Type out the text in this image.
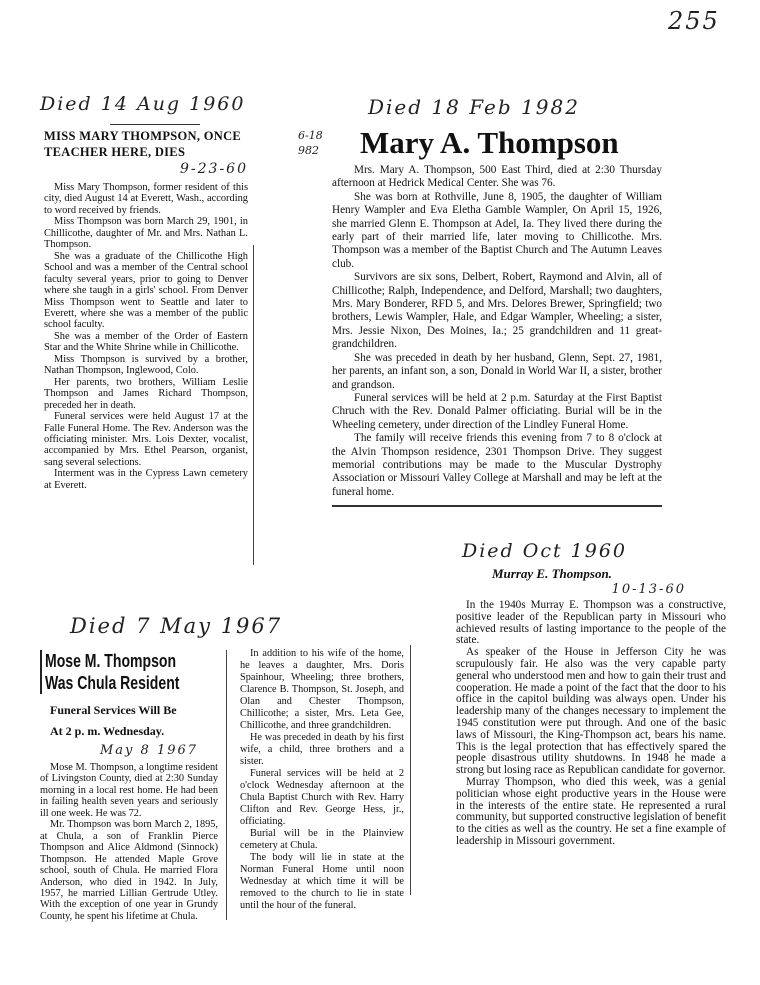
255
Died 14 Aug 1960
MISS MARY THOMPSON, ONCE TEACHER HERE, DIES
9-23-60

Miss Mary Thompson, former resident of this city, died August 14 at Everett, Wash., according to word received by friends.

Miss Thompson was born March 29, 1901, in Chillicothe, daughter of Mr. and Mrs. Nathan L. Thompson.

She was a graduate of the Chillicothe High School and was a member of the Central school faculty several years, prior to going to Denver where she taugh in a girls' school. From Denver Miss Thompson went to Seattle and later to Everett, where she was a member of the public school faculty.

She was a member of the Order of Eastern Star and the White Shrine while in Chillicothe.

Miss Thompson is survived by a brother, Nathan Thompson, Inglewood, Colo.

Her parents, two brothers, William Leslie Thompson and James Richard Thompson, preceded her in death.

Funeral services were held August 17 at the Falle Funeral Home. The Rev. Anderson was the officiating minister. Mrs. Lois Dexter, vocalist, accompanied by Mrs. Ethel Pearson, organist, sang several selections.

Interment was in the Cypress Lawn cemetery at Everett.

Died 18 Feb 1982
6-18 982	Mary A. Thompson

Mrs. Mary A. Thompson, 500 East Third, died at 2:30 Thursday afternoon at Hedrick Medical Center. She was 76.

She was born at Rothville, June 8, 1905, the daughter of William Henry Wampler and Eva Eletha Gamble Wampler, On April 15, 1926, she married Glenn E. Thompson at Adel, Ia. They lived there during the early part of their married life, later moving to Chillicothe. Mrs. Thompson was a member of the Baptist Church and The Autumn Leaves club.

Survivors are six sons, Delbert, Robert, Raymond and Alvin, all of Chillicothe; Ralph, Independence, and Delford, Marshall; two daughters, Mrs. Mary Bonderer, RFD 5, and Mrs. Delores Brewer, Springfield; two brothers, Lewis Wampler, Hale, and Edgar Wampler, Wheeling; a sister, Mrs. Jessie Nixon, Des Moines, Ia.; 25 grandchildren and 11 great-grandchildren.

She was preceded in death by her husband, Glenn, Sept. 27, 1981, her parents, an infant son, a son, Donald in World War II, a sister, brother and grandson.

Funeral services will be held at 2 p.m. Saturday at the First Baptist Chruch with the Rev. Donald Palmer officiating. Burial will be in the Wheeling cemetery, under direction of the Lindley Funeral Home.

The family will receive friends this evening from 7 to 8 o'clock at the Alvin Thompson residence, 2301 Thompson Drive. They suggest memorial contributions may be made to the Muscular Dystrophy Association or Missouri Valley College at Marshall and may be left at the funeral home.

Died 7 May 1967
Mose M. Thompson
Was Chula Resident
Funeral Services Will Be
At 2 p. m. Wednesday.
May 8 1967

Mose M. Thompson, a longtime resident of Livingston County, died at 2:30 Sunday morning in a local rest home. He had been in failing health seven years and seriously ill one week. He was 72.

Mr. Thompson was born March 2, 1895, at Chula, a son of Franklin Pierce Thompson and Alice Aldmond (Sinnock) Thompson. He attended Maple Grove school, south of Chula. He married Flora Anderson, who died in 1942. In July, 1957, he married Lillian Gertrude Utley. With the exception of one year in Grundy County, he spent his lifetime at Chula.

In addition to his wife of the home, he leaves a daughter, Mrs. Doris Spainhour, Wheeling; three brothers, Clarence B. Thompson, St. Joseph, and Olan and Chester Thompson, Chillicothe; a sister, Mrs. Leta Gee, Chillicothe, and three grandchildren.

He was preceded in death by his first wife, a child, three brothers and a sister.

Funeral services will be held at 2 o'clock Wednesday afternoon at the Chula Baptist Church with Rev. Harry Clifton and Rev. George Hess, jr., officiating.

Burial will be in the Plainview cemetery at Chula.

The body will lie in state at the Norman Funeral Home until noon Wednesday at which time it will be removed to the church to lie in state until the hour of the funeral.

Died Oct 1960
Murray E. Thompson.
10-13-60

In the 1940s Murray E. Thompson was a constructive, positive leader of the Republican party in Missouri who achieved results of lasting importance to the people of the state.

As speaker of the House in Jefferson City he was scrupulously fair. He also was the very capable party general who understood men and how to gain their trust and cooperation. He made a point of the fact that the door to his office in the capitol building was always open. Under his leadership many of the changes necessary to implement the 1945 constitution were put through. And one of the basic laws of Missouri, the King-Thompson act, bears his name. This is the legal protection that has effectively spared the people disastrous utility shutdowns. In 1948 he made a strong but losing race as Republican candidate for governor.

Murray Thompson, who died this week, was a genial politician whose eight productive years in the House were in the interests of the entire state. He represented a rural community, but supported constructive legislation of benefit to the cities as well as the country. He set a fine example of leadership in Missouri government.
